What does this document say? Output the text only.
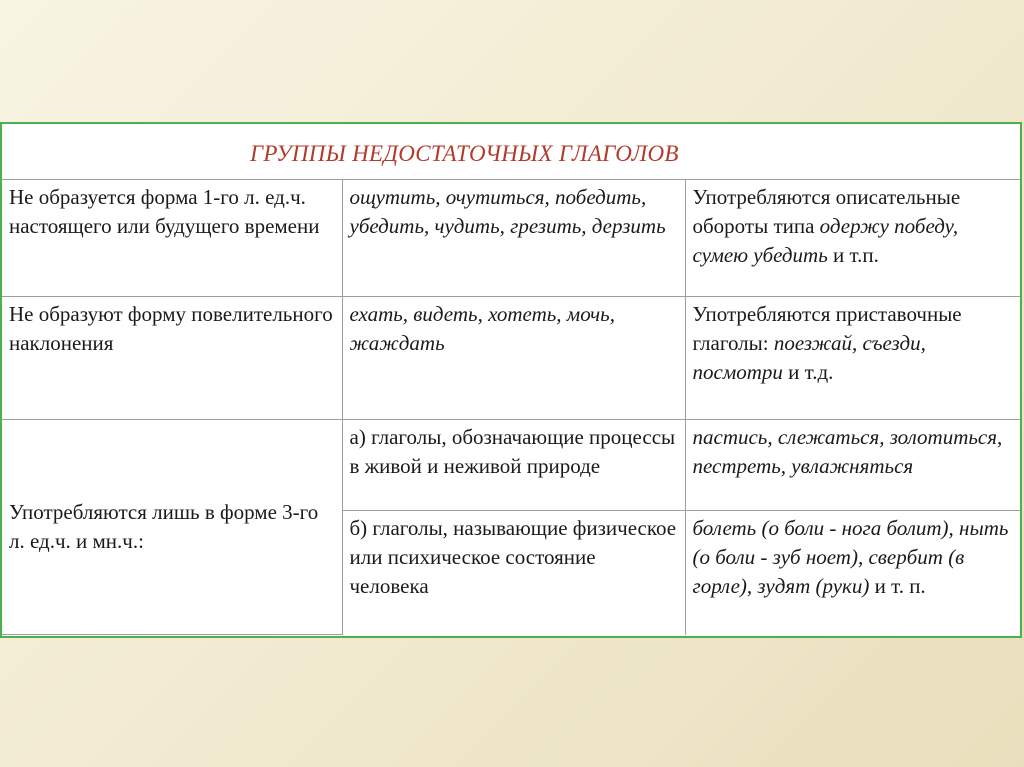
ГРУППЫ НЕДОСТАТОЧНЫХ ГЛАГОЛОВ		

Не образуется форма 1-го л. ед.ч. настоящего или будущего времени	ощутить, очутиться, победить, убедить, чудить, грезить, дерзить	Употребляются описательные обороты типа одержу победу, сумею убедить и т.п.
Не образуют форму повелительного наклонения	ехать, видеть, хотеть, мочь, жаждать	Употребляются приставочные глаголы: поезжай, съезди, посмотри и т.д.
Употребляются лишь в форме 3-го л. ед.ч. и мн.ч.:	а) глаголы, обозначающие процессы в живой и неживой природе	пастись, слежаться, золотиться, пестреть, увлажняться
	б) глаголы, называющие физическое или психическое состояние человека	болеть (о боли - нога болит), ныть (о боли - зуб ноет), свербит (в горле), зудят (руки) и т. п.
